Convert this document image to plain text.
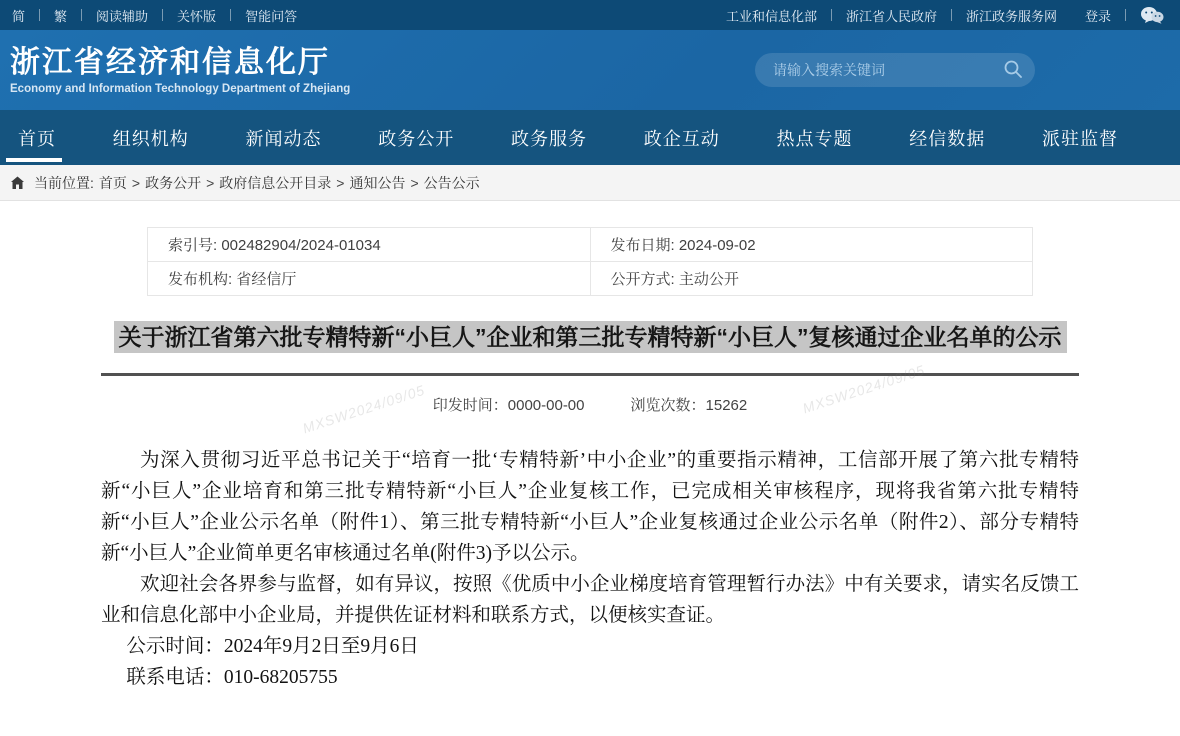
简	繁	阅读辅助	关怀版	智能问答	工业和信息化部	浙江省人民政府	浙江政务服务网	登录
浙江省经济和信息化厅
Economy and Information Technology Department of Zhejiang
请输入搜索关键词
首页	组织机构	新闻动态	政务公开	政务服务	政企互动	热点专题	经信数据	派驻监督
当前位置: 首页 > 政务公开 > 政府信息公开目录 > 通知公告 > 公告公示
MXSW2024/09/05	MXSW2024/09/05
索引号: 002482904/2024-01034	发布日期: 2024-09-02
发布机构: 省经信厅	公开方式: 主动公开
关于浙江省第六批专精特新“小巨人”企业和第三批专精特新“小巨人”复核通过企业名单的公示
印发时间：0000-00-00	浏览次数：15262

为深入贯彻习近平总书记关于“培育一批‘专精特新’中小企业”的重要指示精神，工信部开展了第六批专精特新“小巨人”企业培育和第三批专精特新“小巨人”企业复核工作，已完成相关审核程序，现将我省第六批专精特新“小巨人”企业公示名单（附件1）、第三批专精特新“小巨人”企业复核通过企业公示名单（附件2）、部分专精特新“小巨人”企业简单更名审核通过名单(附件3)予以公示。

欢迎社会各界参与监督，如有异议，按照《优质中小企业梯度培育管理暂行办法》中有关要求，请实名反馈工业和信息化部中小企业局，并提供佐证材料和联系方式，以便核实查证。

公示时间：2024年9月2日至9月6日

联系电话：010-68205755
